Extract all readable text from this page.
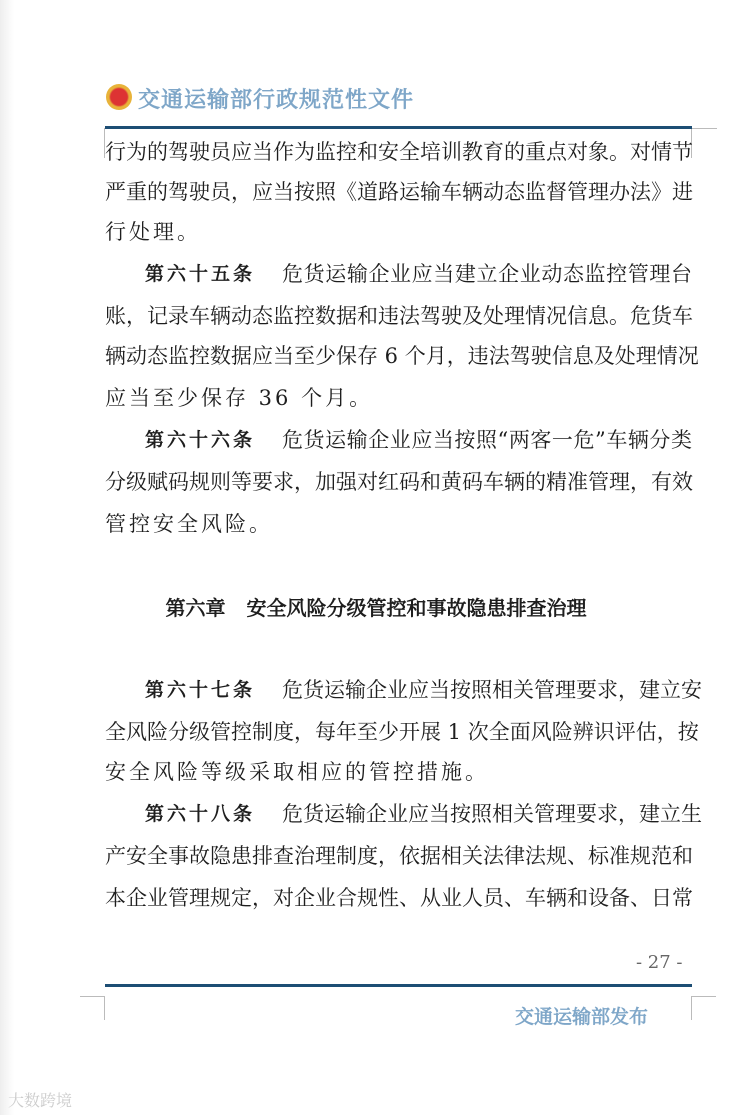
交通运输部行政规范性文件
行为的驾驶员应当作为监控和安全培训教育的重点对象。对情节
严重的驾驶员，应当按照《道路运输车辆动态监督管理办法》进
行处理。
第六十五条 危货运输企业应当建立企业动态监控管理台
账，记录车辆动态监控数据和违法驾驶及处理情况信息。危货车
辆动态监控数据应当至少保存 6 个月，违法驾驶信息及处理情况
应当至少保存 36 个月。
第六十六条 危货运输企业应当按照“两客一危”车辆分类
分级赋码规则等要求，加强对红码和黄码车辆的精准管理，有效
管控安全风险。
第六章 安全风险分级管控和事故隐患排查治理
第六十七条 危货运输企业应当按照相关管理要求，建立安
全风险分级管控制度，每年至少开展 1 次全面风险辨识评估，按
安全风险等级采取相应的管控措施。
第六十八条 危货运输企业应当按照相关管理要求，建立生
产安全事故隐患排查治理制度，依据相关法律法规、标准规范和
本企业管理规定，对企业合规性、从业人员、车辆和设备、日常
- 27 -
交通运输部发布
大数跨境
